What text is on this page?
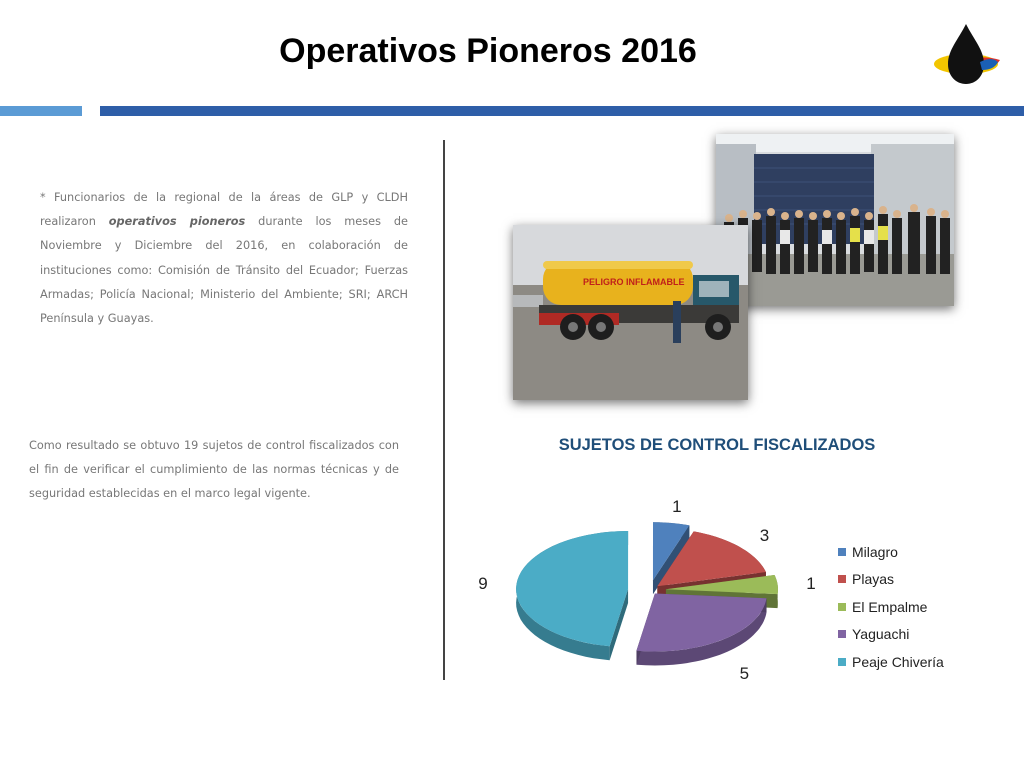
Operativos Pioneros 2016
* Funcionarios de la regional de la áreas de GLP y CLDH realizaron operativos pioneros durante los meses de Noviembre y Diciembre del 2016, en colaboración de instituciones como: Comisión de Tránsito del Ecuador; Fuerzas Armadas; Policía Nacional; Ministerio del Ambiente; SRI; ARCH Península y Guayas.
Como resultado se obtuvo 19 sujetos de control fiscalizados con el fin de verificar el cumplimiento de las normas técnicas y de seguridad establecidas en el marco legal vigente.
PELIGRO INFLAMABLE
SUJETOS DE CONTROL FISCALIZADOS
1
3
1
5
9
Milagro
Playas
El Empalme
Yaguachi
Peaje Chivería
